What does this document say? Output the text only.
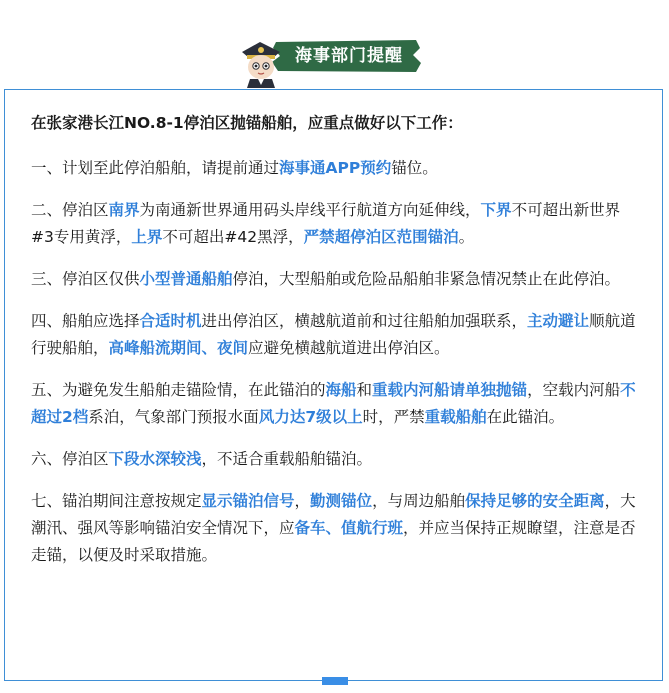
海事部门提醒

在张家港长江NO.8-1停泊区抛锚船舶，应重点做好以下工作：

一、计划至此停泊船舶，请提前通过海事通APP预约锚位。

二、停泊区南界为南通新世界通用码头岸线平行航道方向延伸线，下界不可超出新世界#3专用黄浮，上界不可超出#42黑浮，严禁超停泊区范围锚泊。

三、停泊区仅供小型普通船舶停泊，大型船舶或危险品船舶非紧急情况禁止在此停泊。

四、船舶应选择合适时机进出停泊区，横越航道前和过往船舶加强联系，主动避让顺航道行驶船舶，高峰船流期间、夜间应避免横越航道进出停泊区。

五、为避免发生船舶走锚险情，在此锚泊的海船和重载内河船请单独抛锚，空载内河船不超过2档系泊，气象部门预报水面风力达7级以上时，严禁重载船舶在此锚泊。

六、停泊区下段水深较浅，不适合重载船舶锚泊。

七、锚泊期间注意按规定显示锚泊信号，勤测锚位，与周边船舶保持足够的安全距离，大潮汛、强风等影响锚泊安全情况下，应备车、值航行班，并应当保持正规瞭望，注意是否走锚，以便及时采取措施。
